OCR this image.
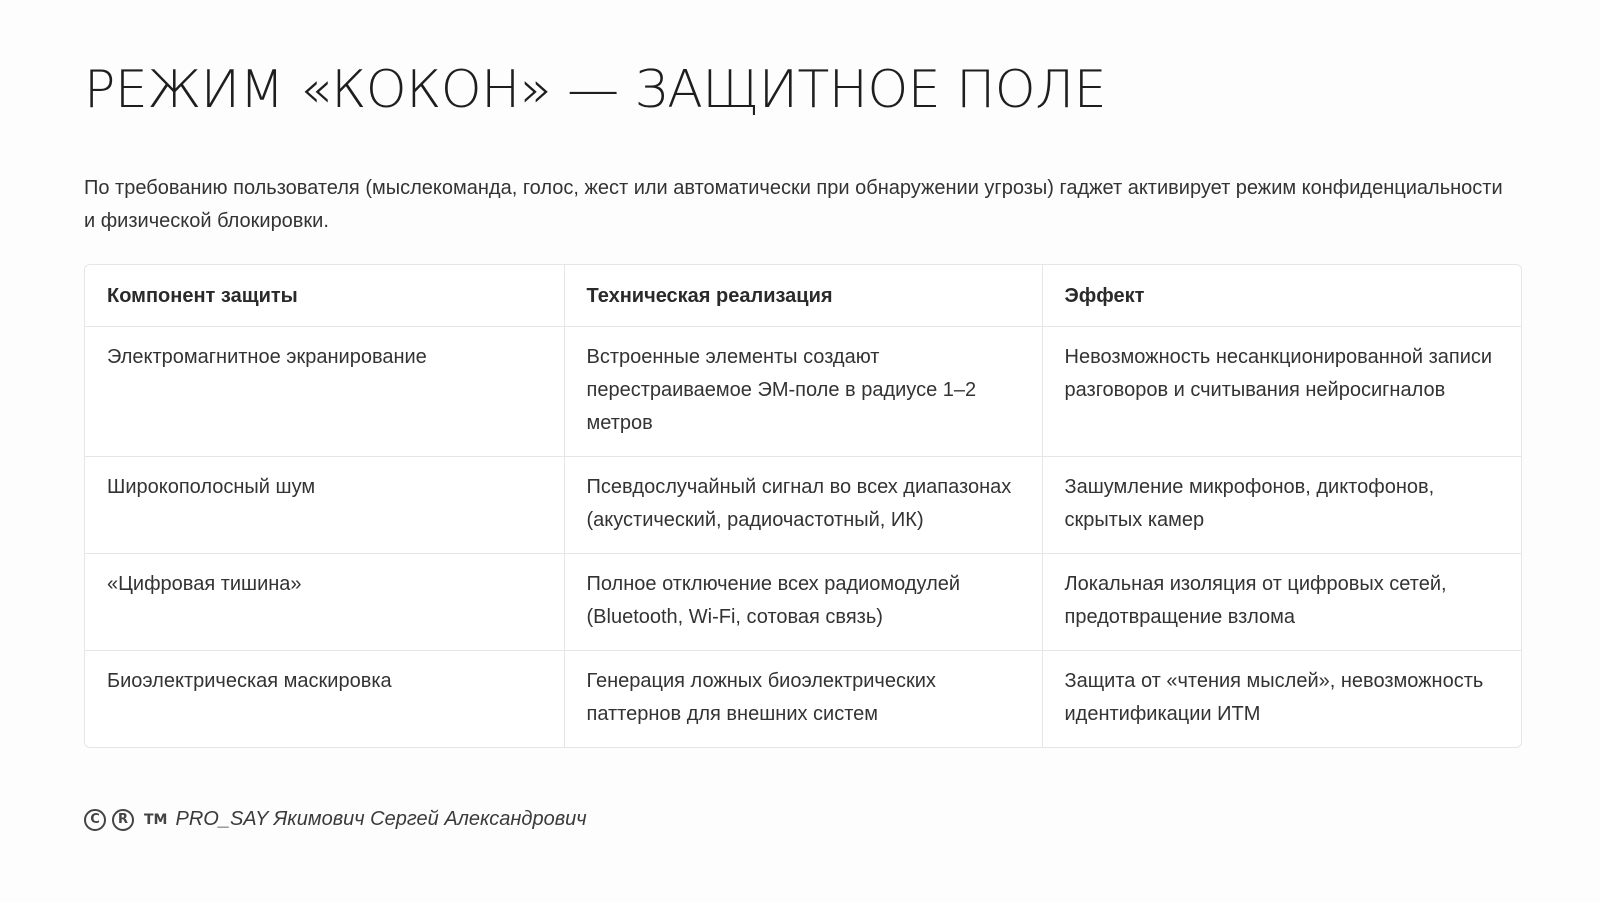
РЕЖИМ «КОКОН» — ЗАЩИТНОЕ ПОЛЕ

По требованию пользователя (мыслекоманда, голос, жест или автоматически при обнаружении угрозы) гаджет активирует режим конфиденциальности и физической блокировки.

Компонент защиты	Техническая реализация	Эффект
Электромагнитное экранирование	Встроенные элементы создают перестраиваемое ЭМ-поле в радиусе 1–2 метров	Невозможность несанкционированной записи разговоров и считывания нейросигналов
Широкополосный шум	Псевдослучайный сигнал во всех диапазонах (акустический, радиочастотный, ИК)	Зашумление микрофонов, диктофонов, скрытых камер
«Цифровая тишина»	Полное отключение всех радиомодулей (Bluetooth, Wi-Fi, сотовая связь)	Локальная изоляция от цифровых сетей, предотвращение взлома
Биоэлектрическая маскировка	Генерация ложных биоэлектрических паттернов для внешних систем	Защита от «чтения мыслей», невозможность идентификации ИТМ
C	R	TM PRO_SAY Якимович Сергей Александрович
